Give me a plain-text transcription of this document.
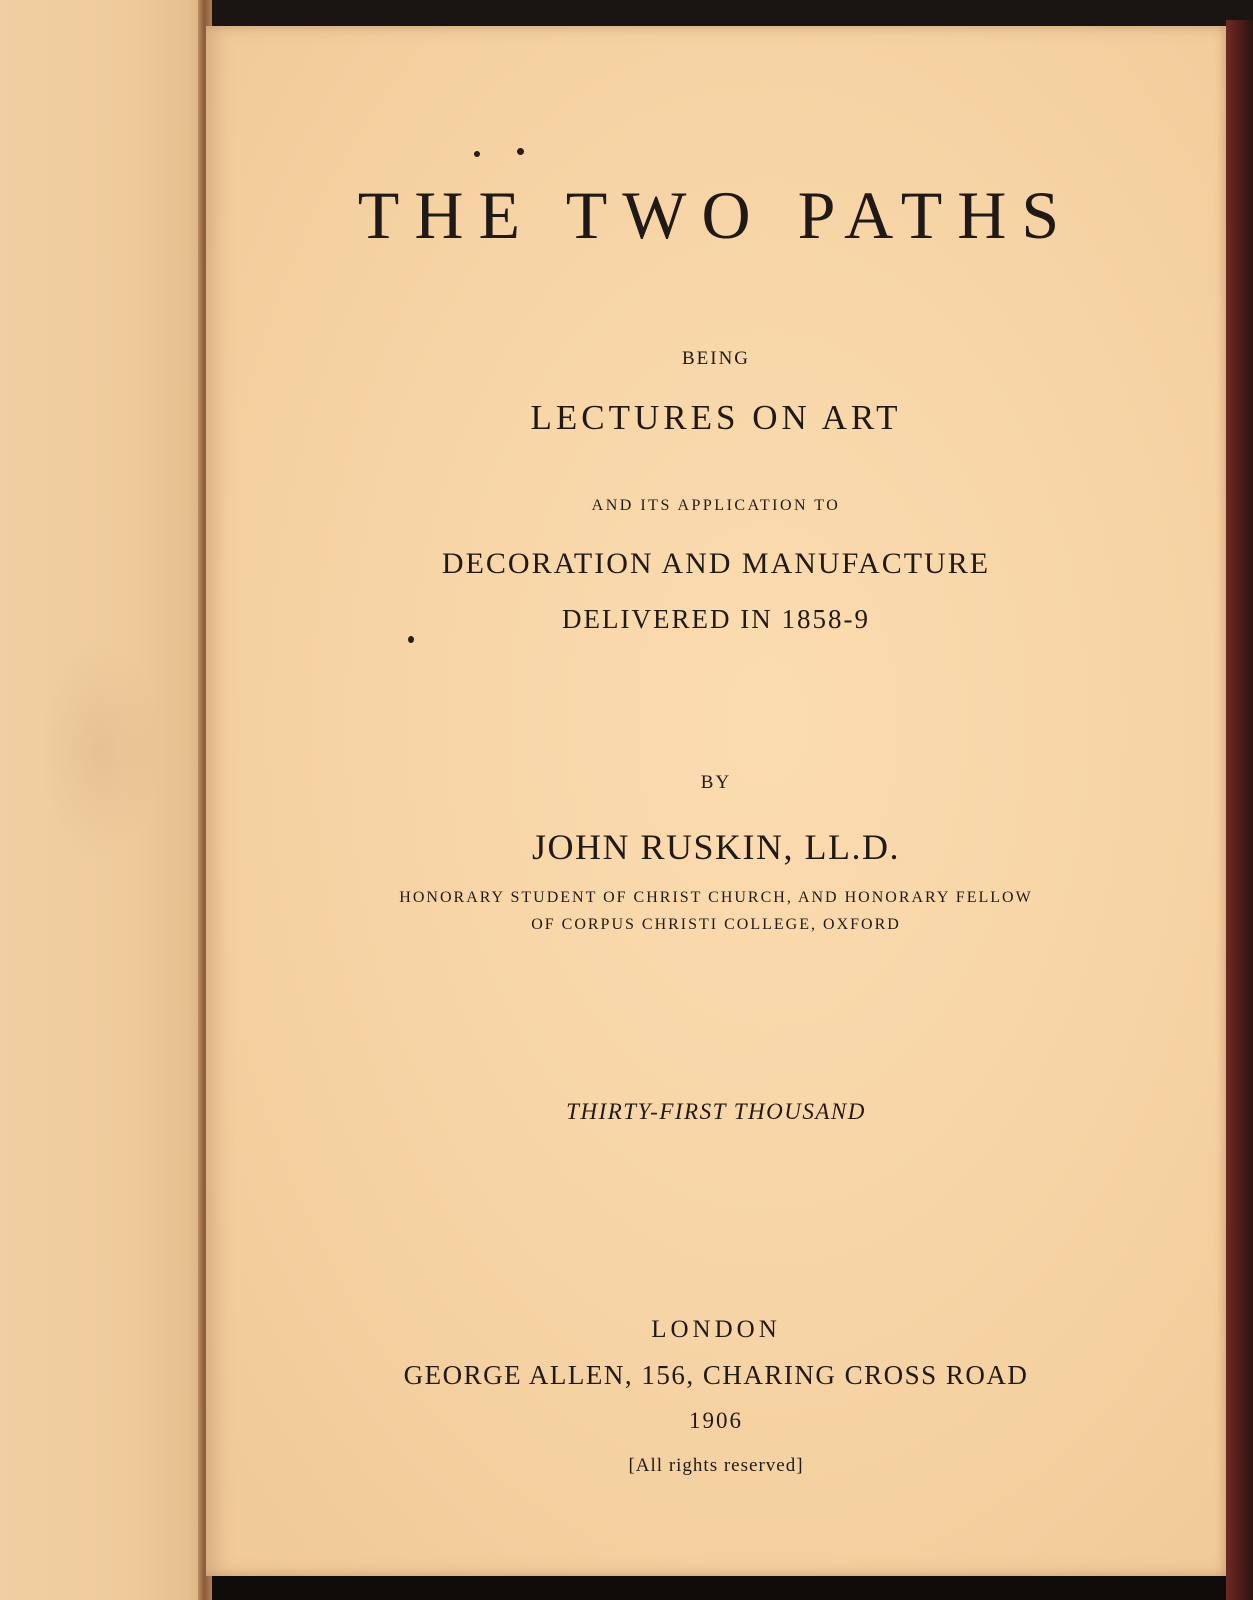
THE TWO PATHS
BEING
LECTURES ON ART
AND ITS APPLICATION TO
DECORATION AND MANUFACTURE
DELIVERED IN 1858-9
BY
JOHN RUSKIN, LL.D.
HONORARY STUDENT OF CHRIST CHURCH, AND HONORARY FELLOW
OF CORPUS CHRISTI COLLEGE, OXFORD
THIRTY-FIRST THOUSAND
LONDON
GEORGE ALLEN, 156, CHARING CROSS ROAD
1906
[All rights reserved]
